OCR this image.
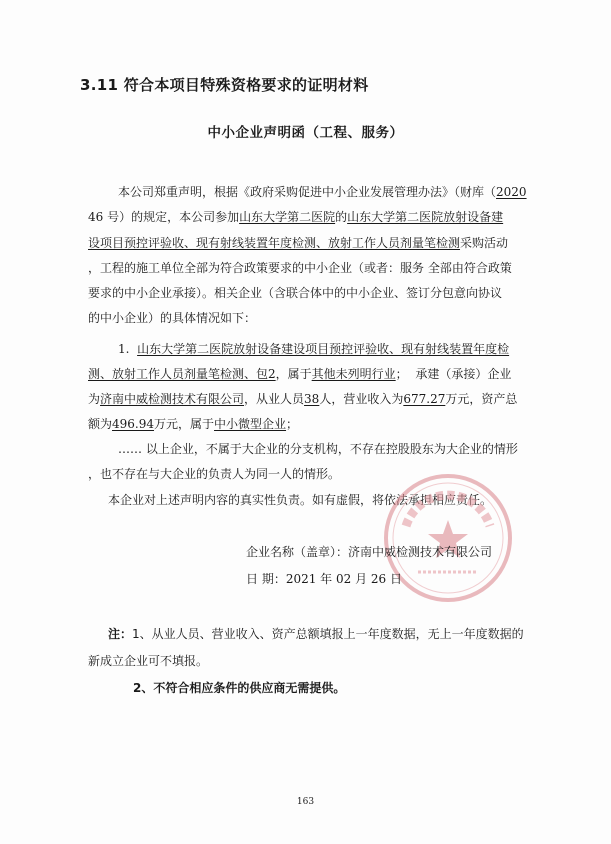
3.11 符合本项目特殊资格要求的证明材料
中小企业声明函（工程、服务）
本公司郑重声明，根据《政府采购促进中小企业发展管理办法》（财库（2020
46 号）的规定，本公司参加山东大学第二医院的山东大学第二医院放射设备建
设项目预控评验收、现有射线装置年度检测、放射工作人员剂量笔检测采购活动
，工程的施工单位全部为符合政策要求的中小企业（或者：服务 全部由符合政策
要求的中小企业承接）。相关企业（含联合体中的中小企业、签订分包意向协议
的中小企业）的具体情况如下：
1. 山东大学第二医院放射设备建设项目预控评验收、现有射线装置年度检
测、放射工作人员剂量笔检测、包2，属于其他未列明行业； 承建（承接）企业
为济南中威检测技术有限公司，从业人员38人，营业收入为677.27万元，资产总
额为496.94万元，属于中小微型企业；
…… 以上企业，不属于大企业的分支机构，不存在控股股东为大企业的情形
，也不存在与大企业的负责人为同一人的情形。
本企业对上述声明内容的真实性负责。如有虚假，将依法承担相应责任。
企业名称（盖章）：济南中威检测技术有限公司
日 期：2021 年 02 月 26 日
注：1、从业人员、营业收入、资产总额填报上一年度数据，无上一年度数据的
新成立企业可不填报。
2、不符合相应条件的供应商无需提供。
163
